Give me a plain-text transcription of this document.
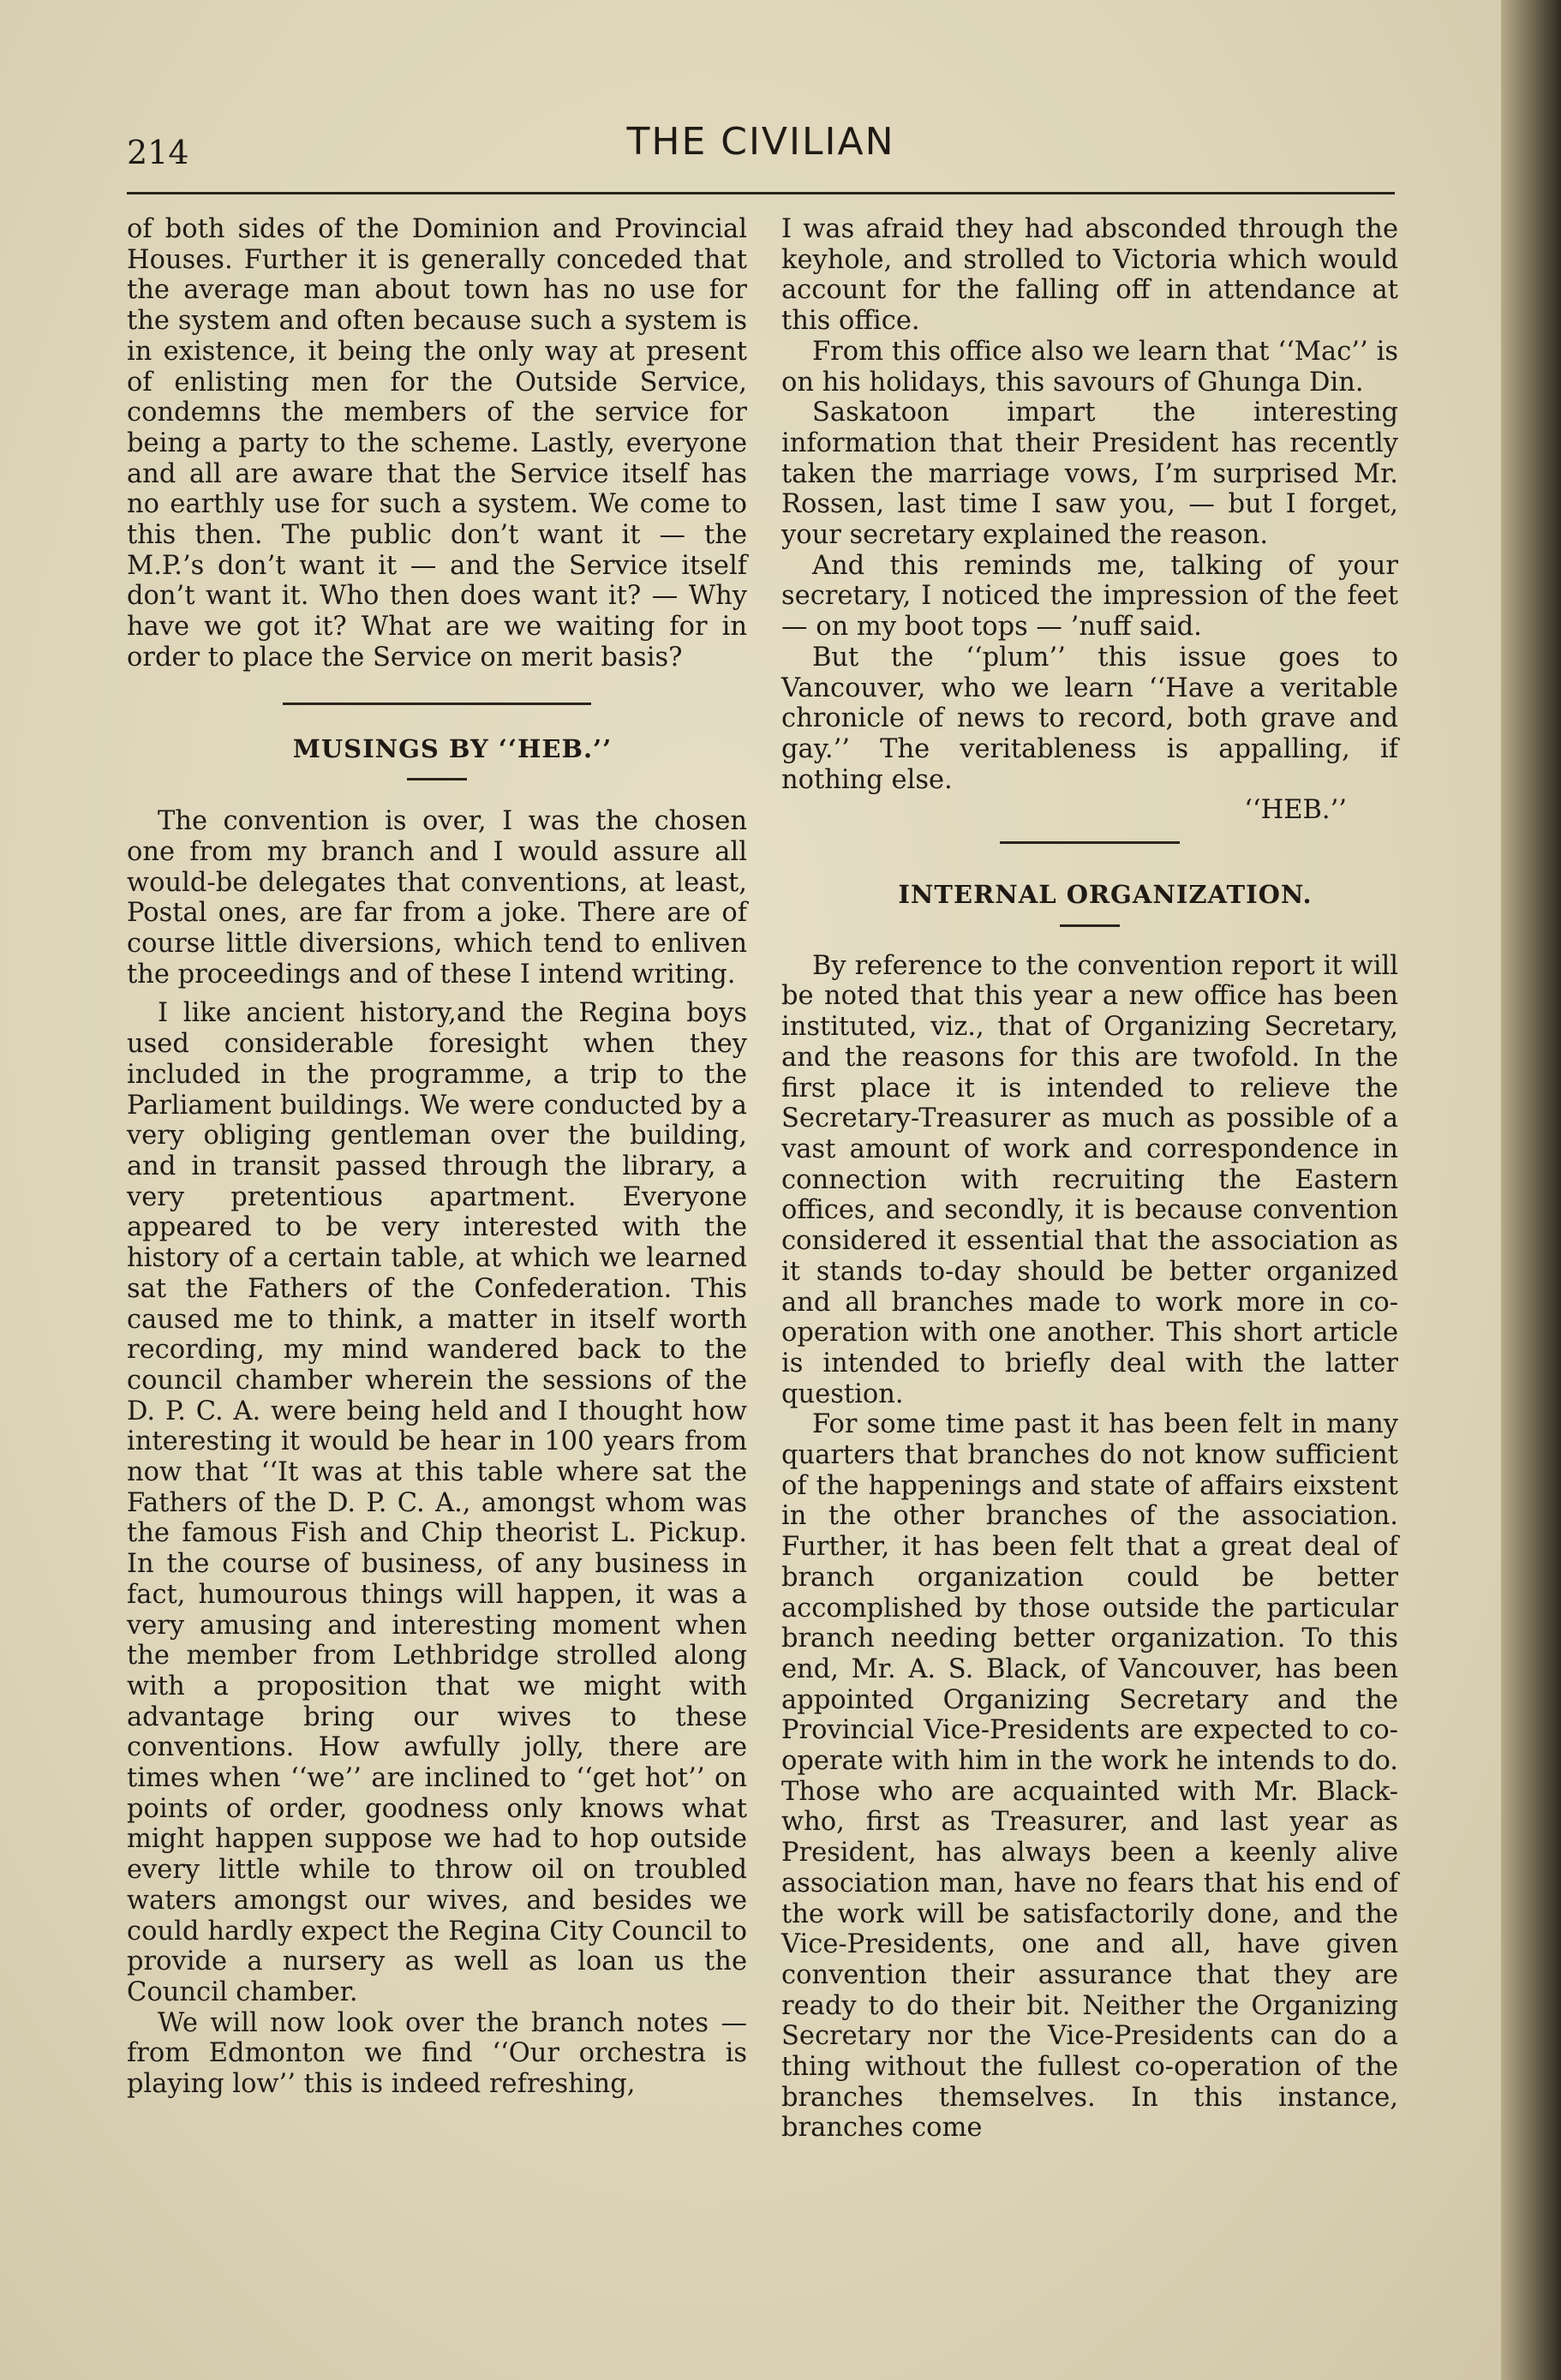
214	THE CIVILIAN

of both sides of the Dominion and Provincial Houses. Further it is generally conceded that the average man about town has no use for the system and often because such a system is in existence, it being the only way at present of enlisting men for the Outside Service, condemns the members of the service for being a party to the scheme. Lastly, everyone and all are aware that the Service itself has no earthly use for such a system. We come to this then. The public don’t want it — the M.P.’s don’t want it — and the Service itself don’t want it. Who then does want it? — Why have we got it? What are we waiting for in order to place the Service on merit basis?

MUSINGS BY ‘‘HEB.’’

The convention is over, I was the chosen one from my branch and I would assure all would-be delegates that conventions, at least, Postal ones, are far from a joke. There are of course little diversions, which tend to enliven the proceedings and of these I intend writing.

I like ancient history,and the Regina boys used considerable foresight when they included in the programme, a trip to the Parliament buildings. We were conducted by a very obliging gentleman over the building, and in transit passed through the library, a very pretentious apartment. Everyone appeared to be very interested with the history of a certain table, at which we learned sat the Fathers of the Confederation. This caused me to think, a matter in itself worth recording, my mind wandered back to the council chamber wherein the sessions of the D. P. C. A. were being held and I thought how interesting it would be hear in 100 years from now that ‘‘It was at this table where sat the Fathers of the D. P. C. A., amongst whom was the famous Fish and Chip theorist L. Pickup. In the course of business, of any business in fact, humourous things will happen, it was a very amusing and interesting moment when the member from Lethbridge strolled along with a proposition that we might with advantage bring our wives to these conventions. How awfully jolly, there are times when ‘‘we’’ are inclined to ‘‘get hot’’ on points of order, goodness only knows what might happen suppose we had to hop outside every little while to throw oil on troubled waters amongst our wives, and besides we could hardly expect the Regina City Council to provide a nursery as well as loan us the Council chamber.

We will now look over the branch notes —from Edmonton we find ‘‘Our orchestra is playing low’’ this is indeed refreshing,

I was afraid they had absconded through the keyhole, and strolled to Victoria which would account for the falling off in attendance at this office.

From this office also we learn that ‘‘Mac’’ is on his holidays, this savours of Ghunga Din.

Saskatoon impart the interesting information that their President has recently taken the marriage vows, I’m surprised Mr. Rossen, last time I saw you, — but I forget, your secretary explained the reason.

And this reminds me, talking of your secretary, I noticed the impression of the feet — on my boot tops — ’nuff said.

But the ‘‘plum’’ this issue goes to Vancouver, who we learn ‘‘Have a veritable chronicle of news to record, both grave and gay.’’ The veritableness is appalling, if nothing else.

‘‘HEB.’’

INTERNAL ORGANIZATION.

By reference to the convention report it will be noted that this year a new office has been instituted, viz., that of Organizing Secretary, and the reasons for this are twofold. In the first place it is intended to relieve the Secretary-Treasurer as much as possible of a vast amount of work and correspondence in connection with recruiting the Eastern offices, and secondly, it is because convention considered it essential that the association as it stands to-day should be better organized and all branches made to work more in co-operation with one another. This short article is intended to briefly deal with the latter question.

For some time past it has been felt in many quarters that branches do not know sufficient of the happenings and state of affairs eixstent in the other branches of the association. Further, it has been felt that a great deal of branch organization could be better accomplished by those outside the particular branch needing better organization. To this end, Mr. A. S. Black, of Vancouver, has been appointed Organizing Secretary and the Provincial Vice-Presidents are expected to co-operate with him in the work he intends to do. Those who are acquainted with Mr. Black- who, first as Treasurer, and last year as President, has always been a keenly alive association man, have no fears that his end of the work will be satisfactorily done, and the Vice-Presidents, one and all, have given convention their assurance that they are ready to do their bit. Neither the Organizing Secretary nor the Vice-Presidents can do a thing without the fullest co-operation of the branches themselves. In this instance, branches come
